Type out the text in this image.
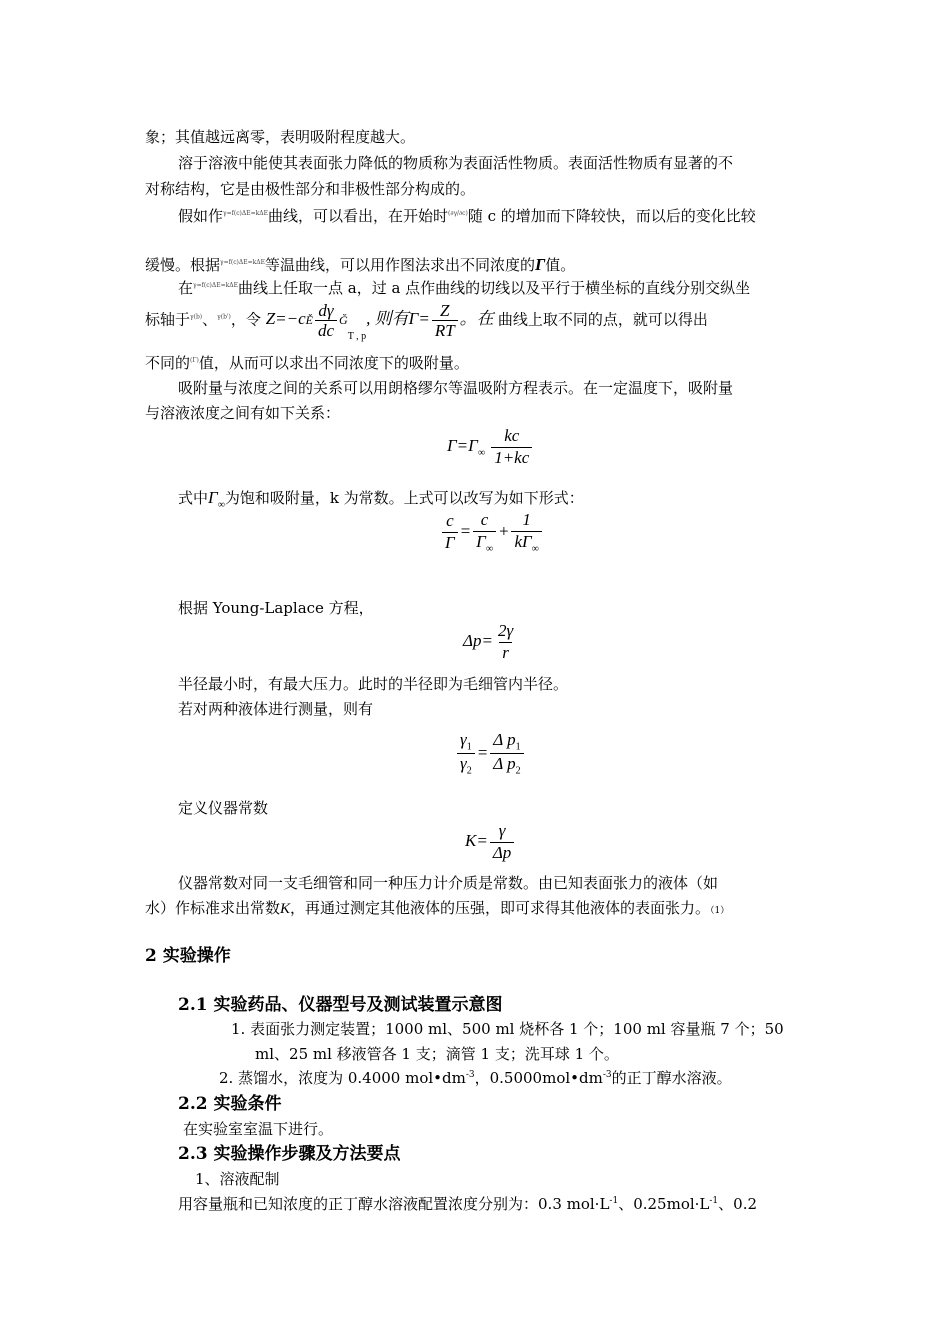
象；其值越远离零，表明吸附程度越大。
溶于溶液中能使其表面张力降低的物质称为表面活性物质。表面活性物质有显著的不
对称结构，它是由极性部分和非极性部分构成的。
假如作$^{\gamma=f(c)\Delta E=k\Delta E}$曲线，可以看出，在开始时$^{(\partial\gamma/\partial c)}$随 c 的增加而下降较快，而以后的变化比较
缓慢。根据$^{\gamma=f(c)\Delta E=k\Delta E}$等温曲线，可以用作图法求出不同浓度的Γ值。
在$^{\gamma=f(c)\Delta E=k\Delta E}$曲线上任取一点 a，过 a 点作曲线的切线以及平行于横坐标的直线分别交纵坐
标轴于$^{\gamma(b)}$、$^{\gamma(b')}$，令 Z=−cĚ $\frac{d\gamma}{dc}$ $Ğ_{T , p}$, 则有$\Gamma= \frac{Z}{RT}$ 。在 曲线上取不同的点，就可以得出
不同的$^{(\Gamma)}$值，从而可以求出不同浓度下的吸附量。
吸附量与浓度之间的关系可以用朗格缪尔等温吸附方程表示。在一定温度下，吸附量
与溶液浓度之间有如下关系：
$\Gamma=\Gamma_\infty \frac{kc}{1+kc}$
式中$\Gamma_\infty$为饱和吸附量，k 为常数。上式可以改写为如下形式：
$\frac{c}{\Gamma} = \frac{c}{\Gamma_\infty} + \frac{1}{k\Gamma_\infty}$
根据 Young-Laplace 方程，
$\Delta p= \frac{2\gamma}{r}$
半径最小时，有最大压力。此时的半径即为毛细管内半径。
若对两种液体进行测量，则有
$\frac{\gamma_1}{\gamma_2} = \frac{\Delta p_1}{\Delta p_2}$
定义仪器常数
$K= \frac{\gamma}{\Delta p}$
仪器常数对同一支毛细管和同一种压力计介质是常数。由已知表面张力的液体（如
水）作标准求出常数K，再通过测定其他液体的压强，即可求得其他液体的表面张力。（1）
2 实验操作
2.1 实验药品、仪器型号及测试装置示意图
1. 表面张力测定装置；1000 ml、500 ml 烧杯各 1 个；100 ml 容量瓶 7 个；50
ml、25 ml 移液管各 1 支；滴管 1 支；洗耳球 1 个。
2. 蒸馏水，浓度为 0.4000 $mol•dm^{-3}$，$0.5000mol•dm^{-3}$的正丁醇水溶液。
2.2 实验条件
在实验室室温下进行。
2.3 实验操作步骤及方法要点
1、溶液配制
用容量瓶和已知浓度的正丁醇水溶液配置浓度分别为：0.3 $mol\cdot L^{-1}$、$0.25mol\cdot L^{-1}$、0.2
